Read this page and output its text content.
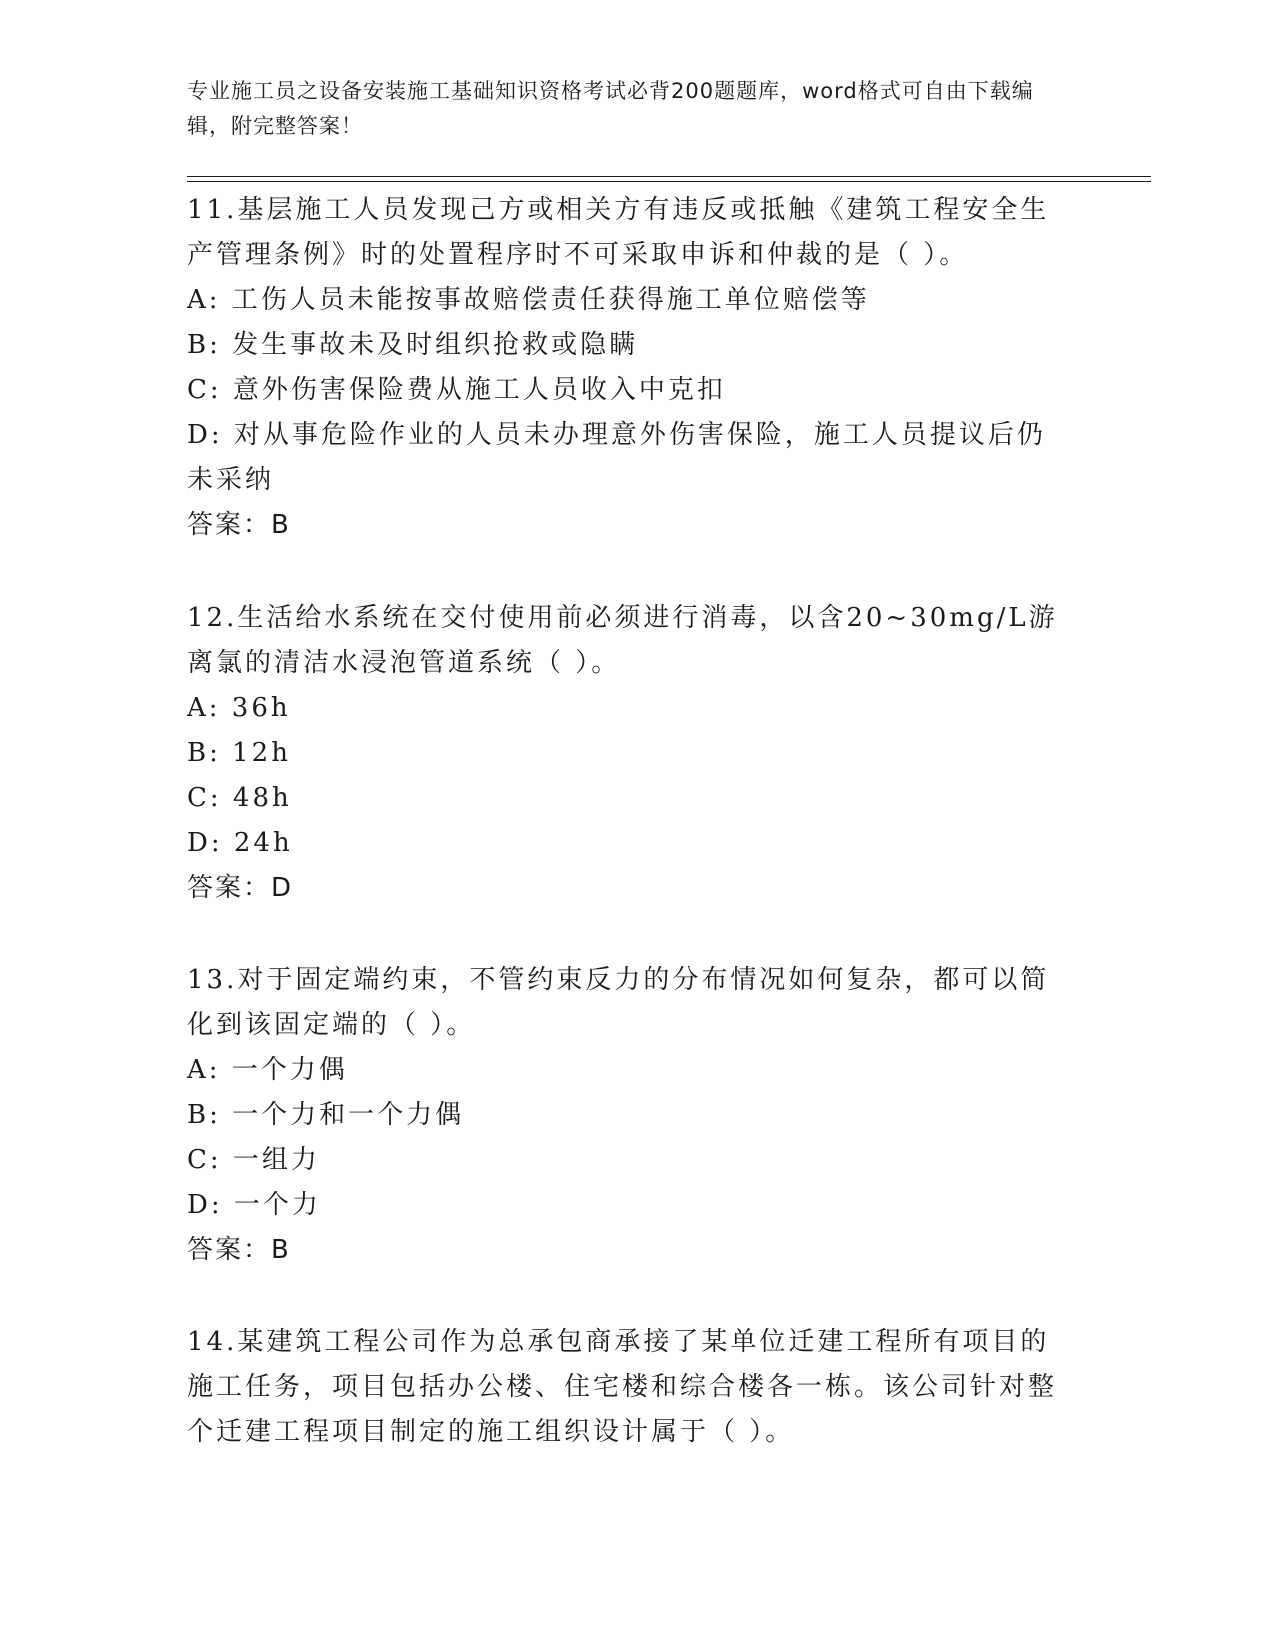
专业施工员之设备安装施工基础知识资格考试必背200题题库，word格式可自由下载编辑，附完整答案！

11.基层施工人员发现己方或相关方有违反或抵触《建筑工程安全生产管理条例》时的处置程序时不可采取申诉和仲裁的是（ ）。

A: 工伤人员未能按事故赔偿责任获得施工单位赔偿等

B: 发生事故未及时组织抢救或隐瞒

C: 意外伤害保险费从施工人员收入中克扣

D: 对从事危险作业的人员未办理意外伤害保险，施工人员提议后仍未采纳

答案：B

12.生活给水系统在交付使用前必须进行消毒，以含20~30mg/L游离氯的清洁水浸泡管道系统（ ）。

A: 36h

B: 12h

C: 48h

D: 24h

答案：D

13.对于固定端约束，不管约束反力的分布情况如何复杂，都可以简化到该固定端的（ ）。

A: 一个力偶

B: 一个力和一个力偶

C: 一组力

D: 一个力

答案：B

14.某建筑工程公司作为总承包商承接了某单位迁建工程所有项目的施工任务，项目包括办公楼、住宅楼和综合楼各一栋。该公司针对整个迁建工程项目制定的施工组织设计属于（ ）。
